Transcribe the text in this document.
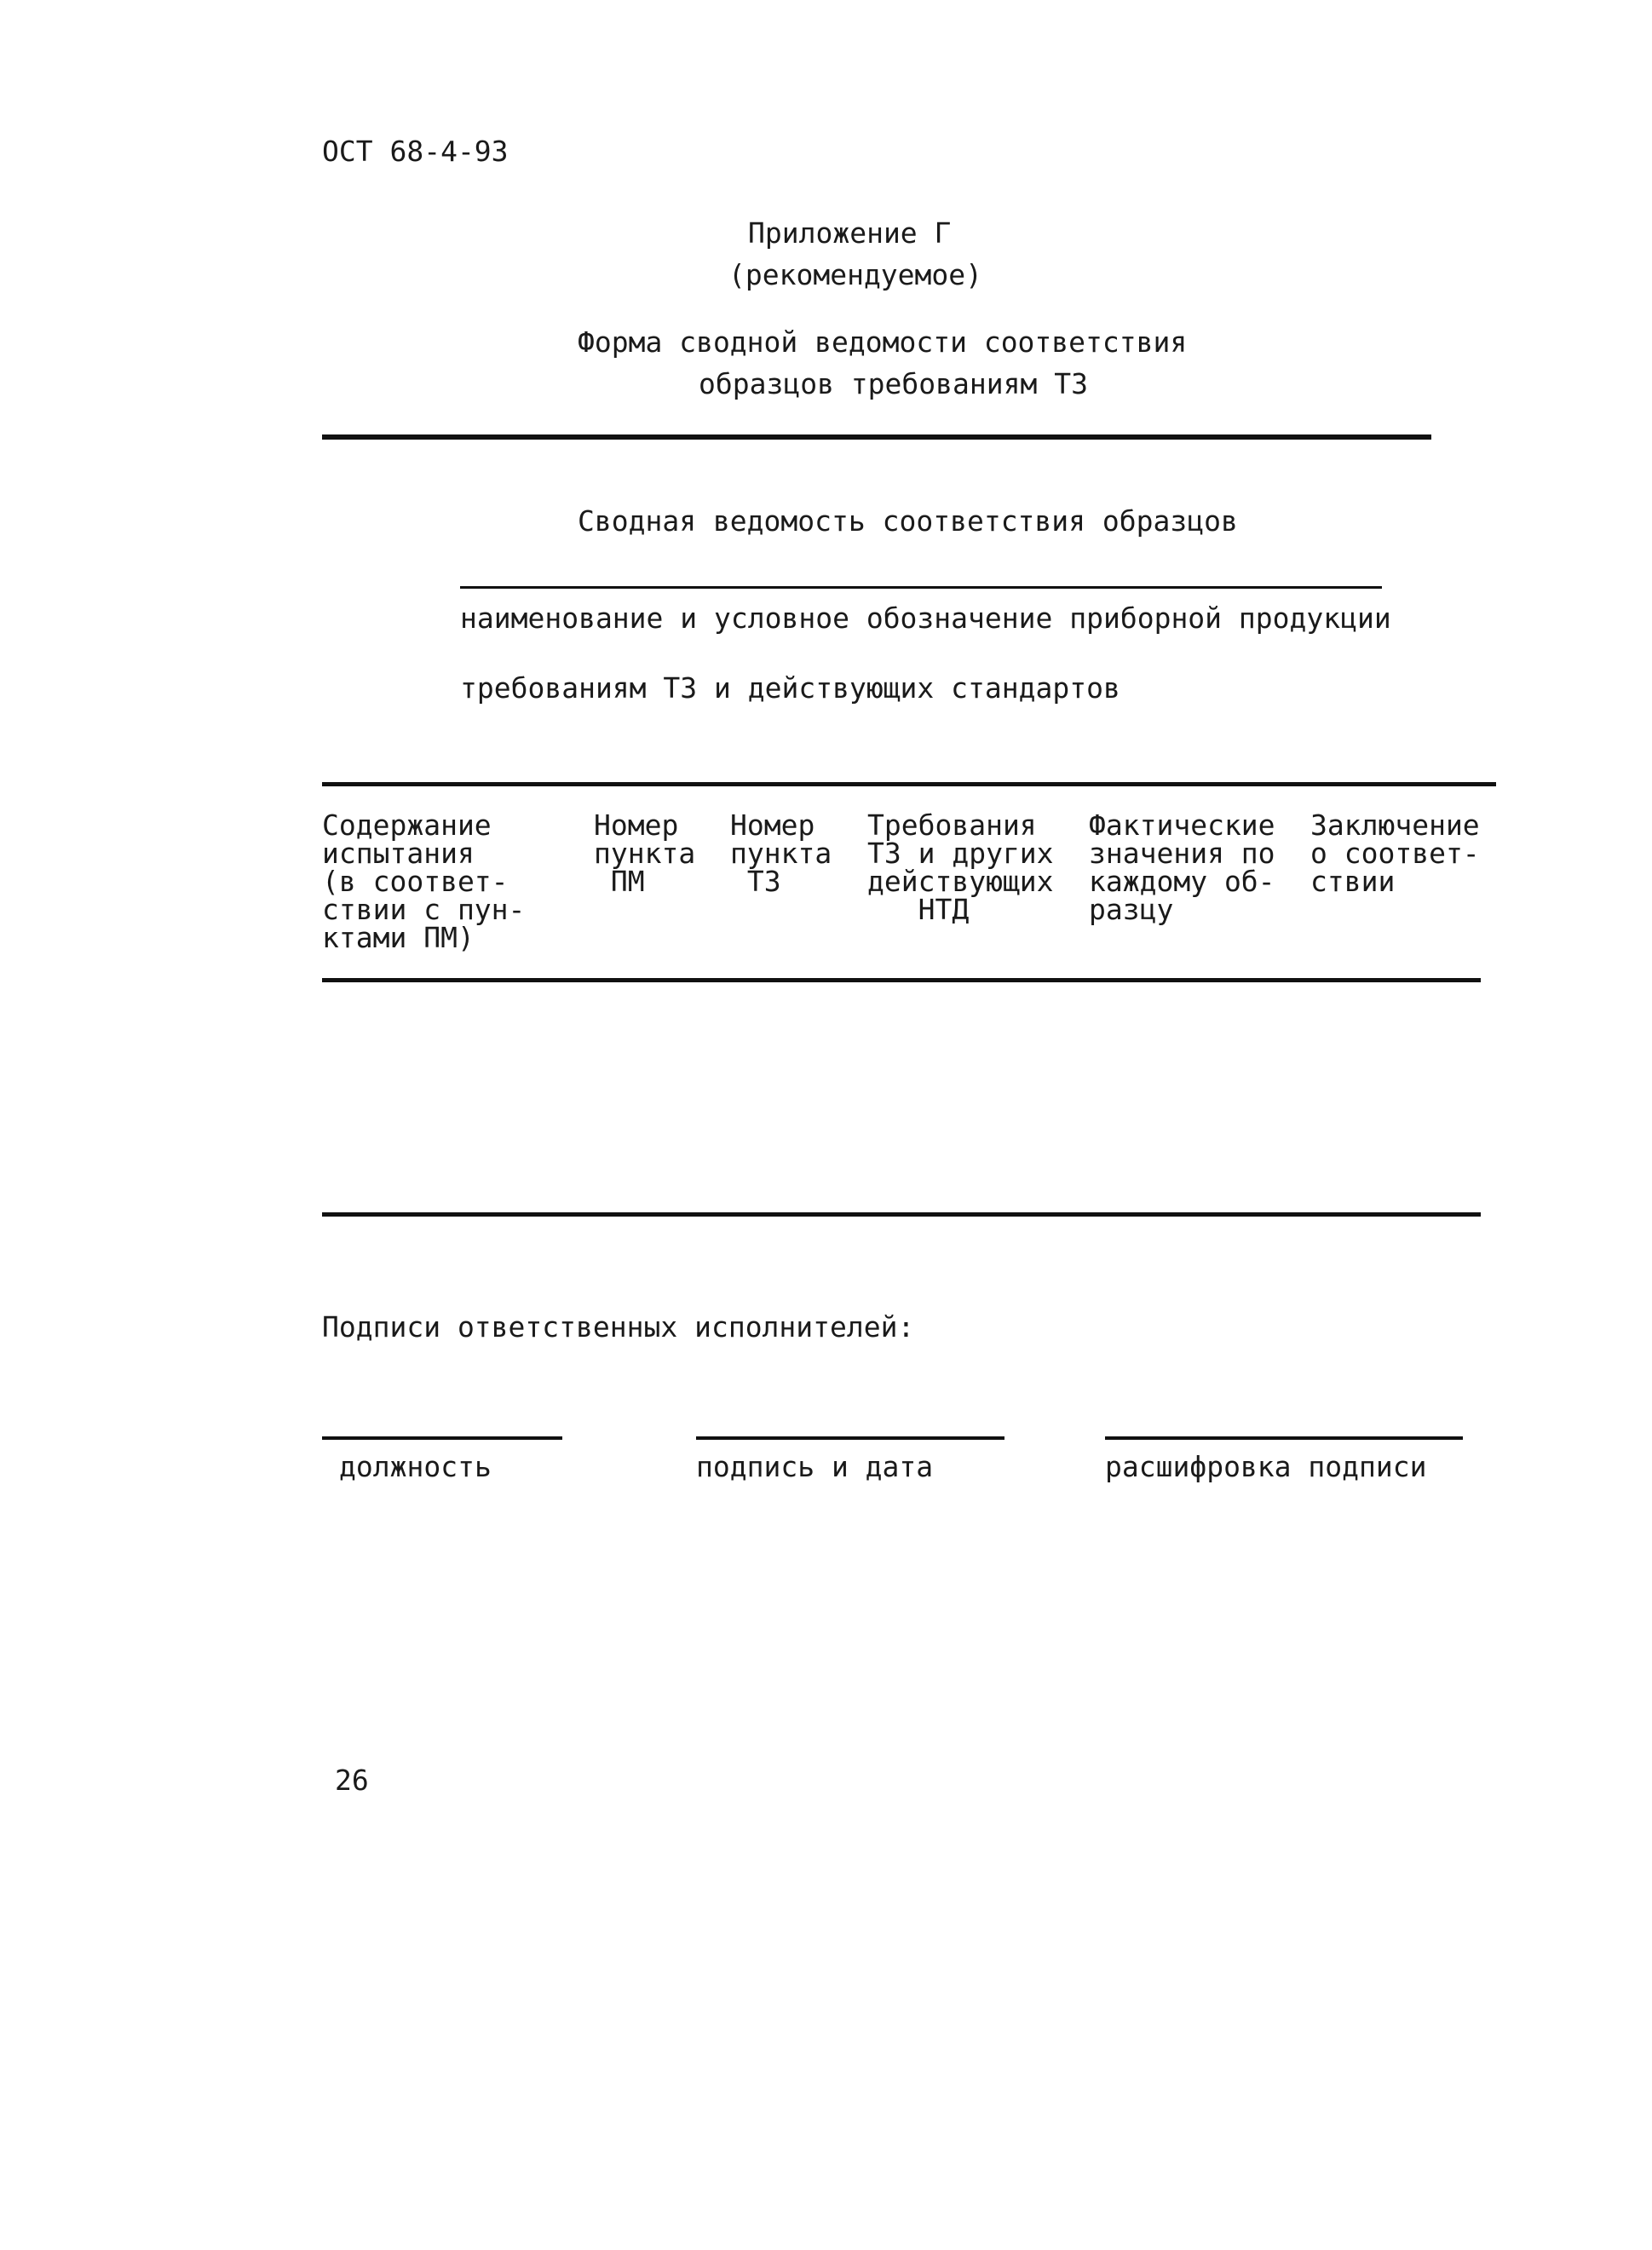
ОСТ 68-4-93
Приложение Г
(рекомендуемое)
Форма сводной ведомости соответствия
образцов требованиям ТЗ
Сводная ведомость соответствия образцов
наименование и условное обозначение приборной продукции
требованиям ТЗ и действующих стандартов
Содержание
испытания
(в соответ-
ствии с пун-
ктами ПМ)
Номер
пункта
ПМ
Номер
пункта
ТЗ
Требования
ТЗ и других
действующих
НТД
Фактические
значения по
каждому об-
разцу
Заключение
о соответ-
ствии
Подписи ответственных исполнителей:
должность	подпись и дата	расшифровка подписи
26
